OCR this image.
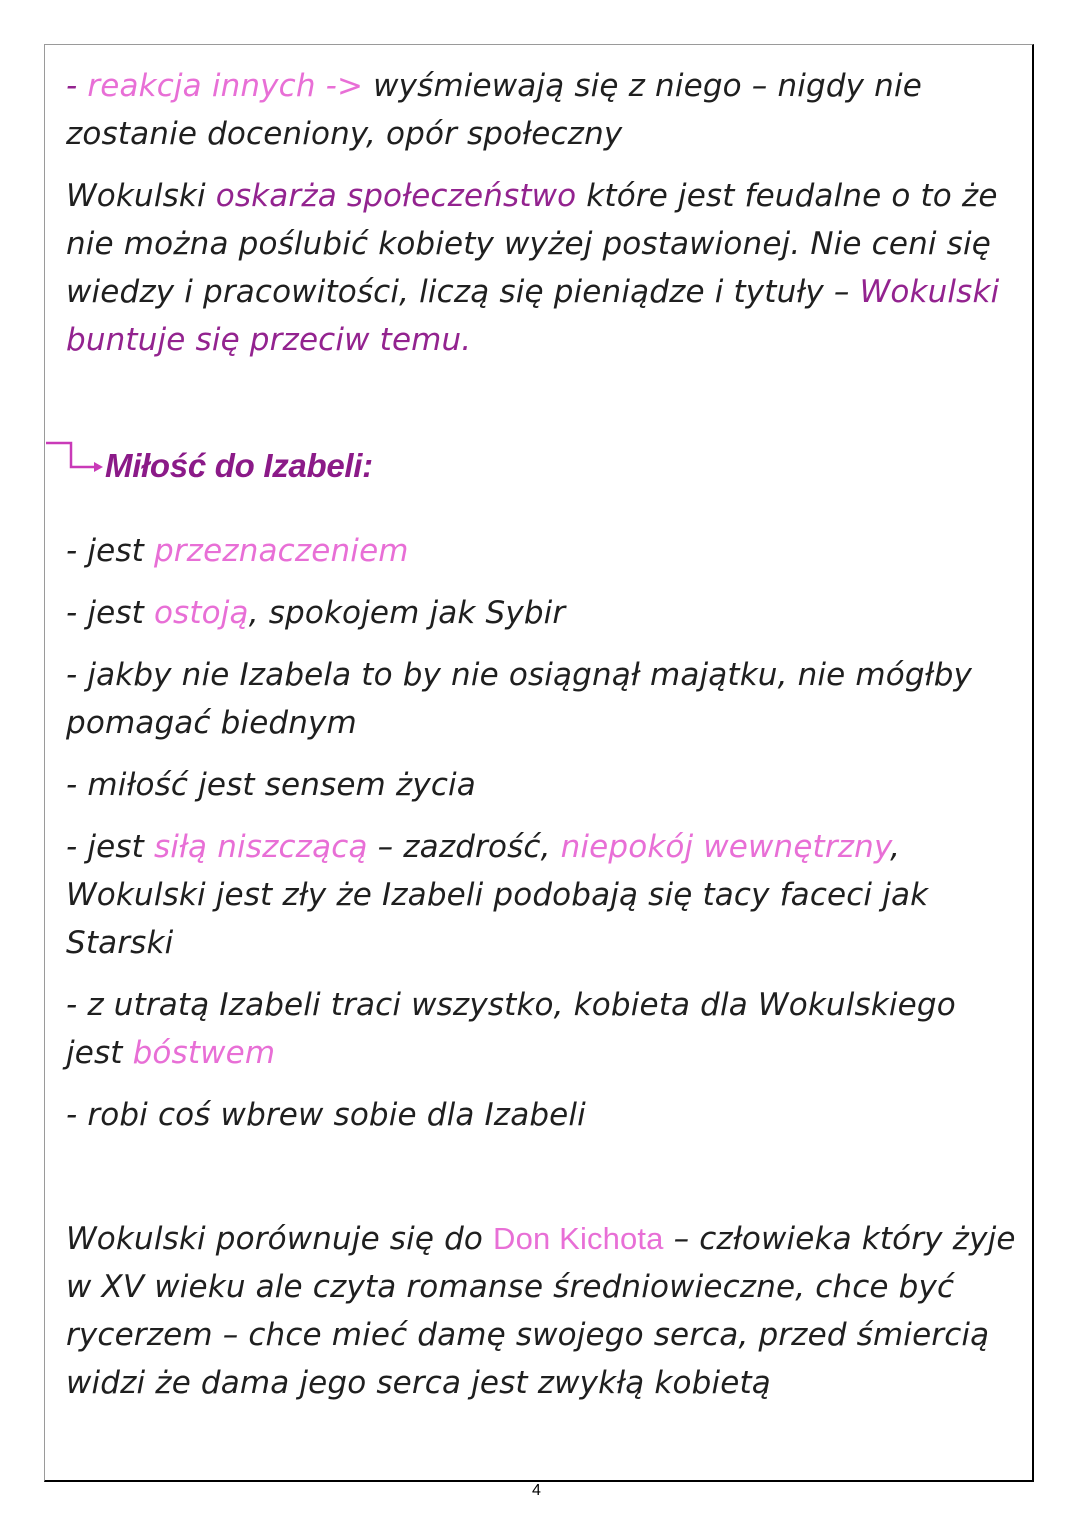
- reakcja innych -> wyśmiewają się z niego – nigdy nie zostanie doceniony, opór społeczny

Wokulski oskarża społeczeństwo które jest feudalne o to że nie można poślubić kobiety wyżej postawionej. Nie ceni się wiedzy i pracowitości, liczą się pieniądze i tytuły – Wokulski buntuje się przeciw temu.

- jest przeznaczeniem

- jest ostoją, spokojem jak Sybir

- jakby nie Izabela to by nie osiągnął majątku, nie mógłby pomagać biednym

- miłość jest sensem życia

- jest siłą niszczącą – zazdrość, niepokój wewnętrzny, Wokulski jest zły że Izabeli podobają się tacy faceci jak Starski

- z utratą Izabeli traci wszystko, kobieta dla Wokulskiego jest bóstwem

- robi coś wbrew sobie dla Izabeli

Wokulski porównuje się do Don Kichota – człowieka który żyje w XV wieku ale czyta romanse średniowieczne, chce być rycerzem – chce mieć damę swojego serca, przed śmiercią widzi że dama jego serca jest zwykłą kobietą

Miłość do Izabeli:
4
